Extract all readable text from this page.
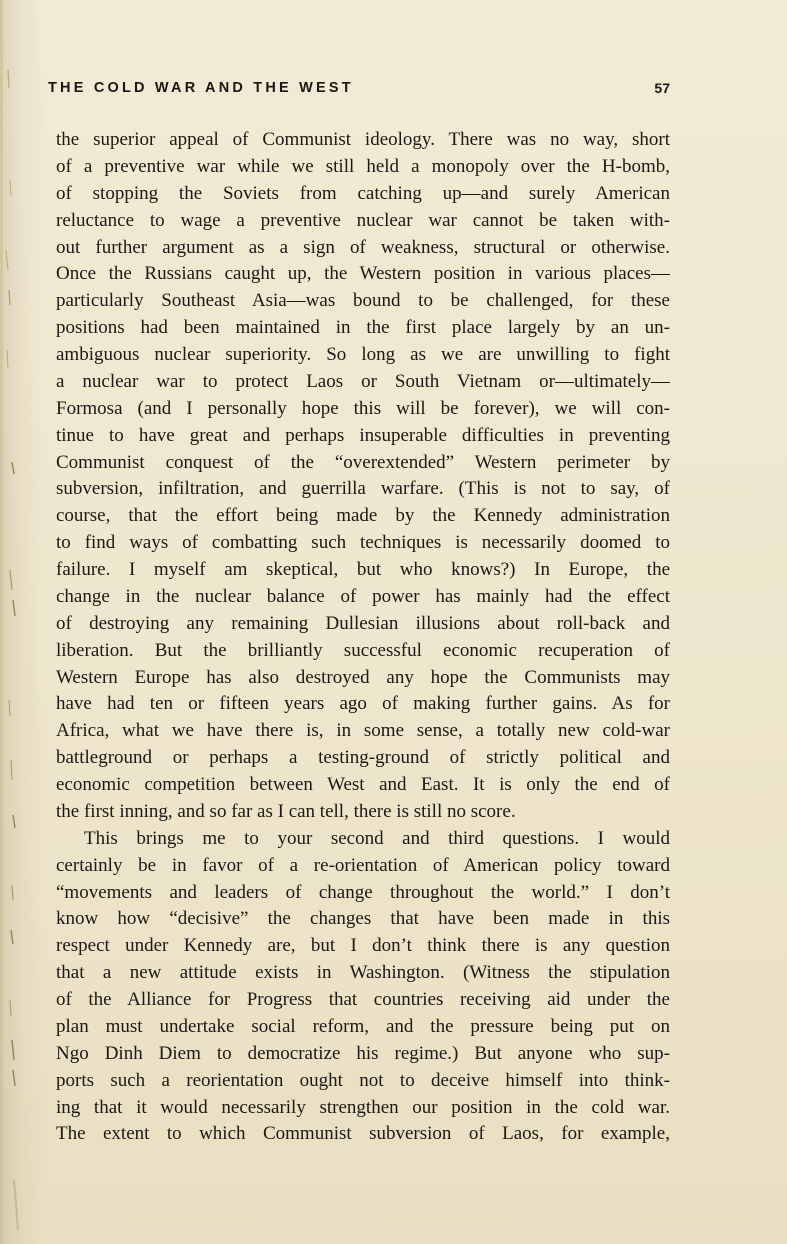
THE COLD WAR AND THE WEST	57
the superior appeal of Communist ideology. There was no way, short
of a preventive war while we still held a monopoly over the H-bomb,
of stopping the Soviets from catching up—and surely American
reluctance to wage a preventive nuclear war cannot be taken with-
out further argument as a sign of weakness, structural or otherwise.
Once the Russians caught up, the Western position in various places—
particularly Southeast Asia—was bound to be challenged, for these
positions had been maintained in the first place largely by an un-
ambiguous nuclear superiority. So long as we are unwilling to fight
a nuclear war to protect Laos or South Vietnam or—ultimately—
Formosa (and I personally hope this will be forever), we will con-
tinue to have great and perhaps insuperable difficulties in preventing
Communist conquest of the “overextended” Western perimeter by
subversion, infiltration, and guerrilla warfare. (This is not to say, of
course, that the effort being made by the Kennedy administration
to find ways of combatting such techniques is necessarily doomed to
failure. I myself am skeptical, but who knows?) In Europe, the
change in the nuclear balance of power has mainly had the effect
of destroying any remaining Dullesian illusions about roll-back and
liberation. But the brilliantly successful economic recuperation of
Western Europe has also destroyed any hope the Communists may
have had ten or fifteen years ago of making further gains. As for
Africa, what we have there is, in some sense, a totally new cold-war
battleground or perhaps a testing-ground of strictly political and
economic competition between West and East. It is only the end of
the first inning, and so far as I can tell, there is still no score.
This brings me to your second and third questions. I would
certainly be in favor of a re-orientation of American policy toward
“movements and leaders of change throughout the world.” I don’t
know how “decisive” the changes that have been made in this
respect under Kennedy are, but I don’t think there is any question
that a new attitude exists in Washington. (Witness the stipulation
of the Alliance for Progress that countries receiving aid under the
plan must undertake social reform, and the pressure being put on
Ngo Dinh Diem to democratize his regime.) But anyone who sup-
ports such a reorientation ought not to deceive himself into think-
ing that it would necessarily strengthen our position in the cold war.
The extent to which Communist subversion of Laos, for example,
